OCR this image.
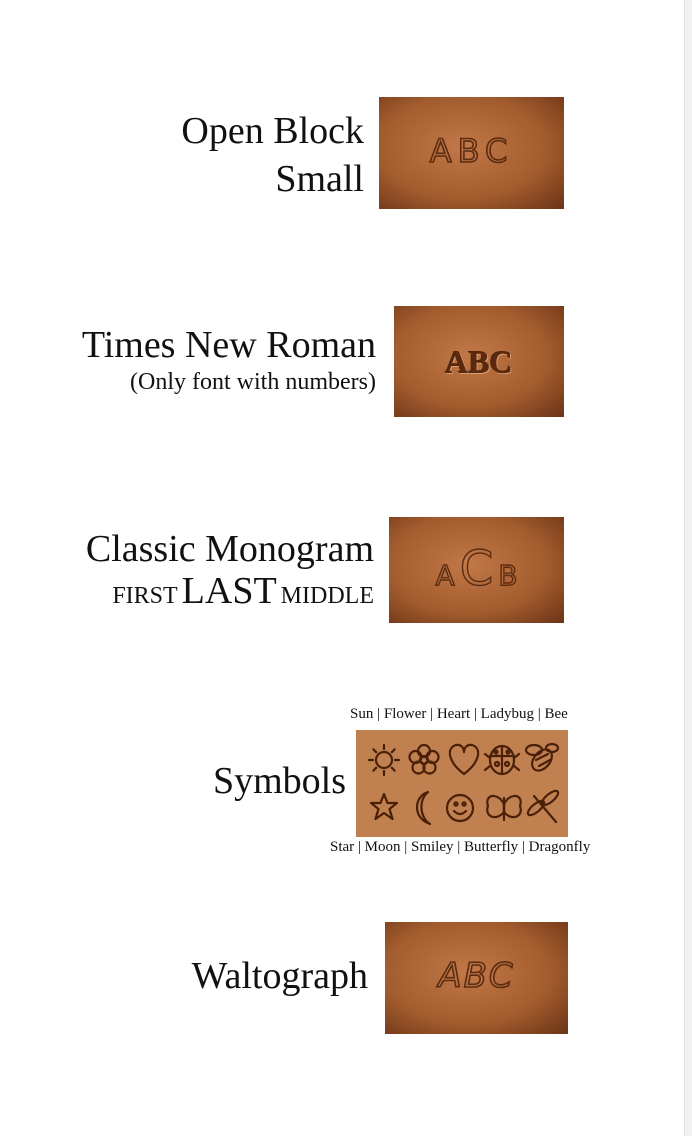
Open Block
Small
ABC
Times New Roman
(Only font with numbers)
ABC
Classic Monogram
FIRST LAST MIDDLE
A C B
Sun | Flower | Heart | Ladybug | Bee
Symbols
Star | Moon | Smiley | Butterfly | Dragonfly
Waltograph	ABC
